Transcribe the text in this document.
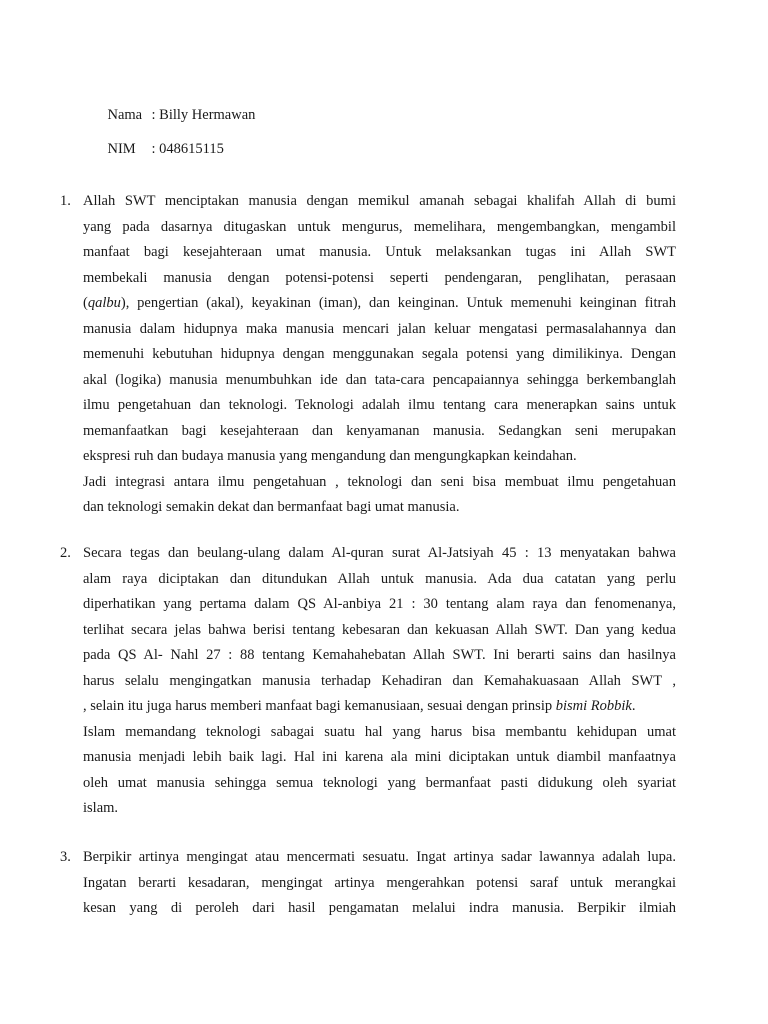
Nama : Billy Hermawan

NIM : 048615115

1. Allah SWT menciptakan manusia dengan memikul amanah sebagai khalifah Allah di bumi
yang pada dasarnya ditugaskan untuk mengurus, memelihara, mengembangkan, mengambil
manfaat bagi kesejahteraan umat manusia. Untuk melaksankan tugas ini Allah SWT
membekali manusia dengan potensi-potensi seperti pendengaran, penglihatan, perasaan
(qalbu), pengertian (akal), keyakinan (iman), dan keinginan. Untuk memenuhi keinginan fitrah
manusia dalam hidupnya maka manusia mencari jalan keluar mengatasi permasalahannya dan
memenuhi kebutuhan hidupnya dengan menggunakan segala potensi yang dimilikinya. Dengan
akal (logika) manusia menumbuhkan ide dan tata-cara pencapaiannya sehingga berkembanglah
ilmu pengetahuan dan teknologi. Teknologi adalah ilmu tentang cara menerapkan sains untuk
memanfaatkan bagi kesejahteraan dan kenyamanan manusia. Sedangkan seni merupakan
ekspresi ruh dan budaya manusia yang mengandung dan mengungkapkan keindahan.
Jadi integrasi antara ilmu pengetahuan , teknologi dan seni bisa membuat ilmu pengetahuan
dan teknologi semakin dekat dan bermanfaat bagi umat manusia.
2. Secara tegas dan beulang-ulang dalam Al-quran surat Al-Jatsiyah 45 : 13 menyatakan bahwa
alam raya diciptakan dan ditundukan Allah untuk manusia. Ada dua catatan yang perlu
diperhatikan yang pertama dalam QS Al-anbiya 21 : 30 tentang alam raya dan fenomenanya,
terlihat secara jelas bahwa berisi tentang kebesaran dan kekuasan Allah SWT. Dan yang kedua
pada QS Al- Nahl 27 : 88 tentang Kemahahebatan Allah SWT. Ini berarti sains dan hasilnya
harus selalu mengingatkan manusia terhadap Kehadiran dan Kemahakuasaan Allah SWT ,
, selain itu juga harus memberi manfaat bagi kemanusiaan, sesuai dengan prinsip bismi Robbik.
Islam memandang teknologi sabagai suatu hal yang harus bisa membantu kehidupan umat
manusia menjadi lebih baik lagi. Hal ini karena ala mini diciptakan untuk diambil manfaatnya
oleh umat manusia sehingga semua teknologi yang bermanfaat pasti didukung oleh syariat
islam.
3. Berpikir artinya mengingat atau mencermati sesuatu. Ingat artinya sadar lawannya adalah lupa.
Ingatan berarti kesadaran, mengingat artinya mengerahkan potensi saraf untuk merangkai
kesan yang di peroleh dari hasil pengamatan melalui indra manusia. Berpikir ilmiah
